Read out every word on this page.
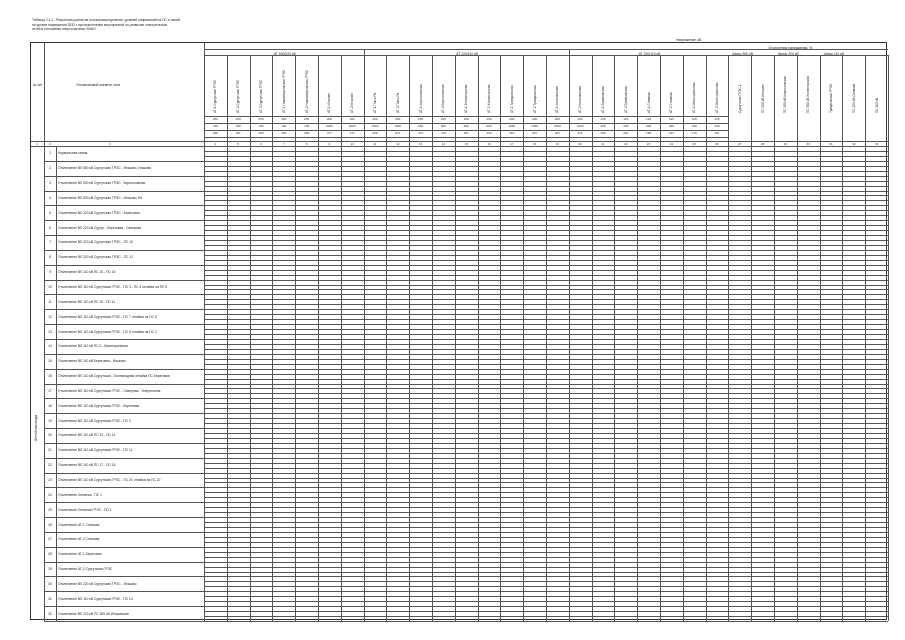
Таблица 2.4.1 - Результаты расчетов потокораспределения, уровней напряжений на ПС и линий
на уровне напряжения 2032 г при выполнении мероприятий по развитию электрических
сетей в отношении энергосистемы ХМАО
Напряжение, кВ
№ п/п	Отключаемый элемент сети
АТ 500/220 кВ	АТ 220/110 кВ	АТ 220/110 кВ
Отклонения напряжения, %
Шины 500 кВ	Шины 220 кВ	Шины 110 кВ
АТ-1 Сургутская ГРЭС	АТ-2 Сургутская ГРЭС	АТ-3 Сургутская ГРЭС	АТ-1 Нижневартовская ГРЭС	АТ-2 Нижневартовская ГРЭС	АТ-1 Ильково	АТ-2 Ильково	АТ-1 Пыть-Ях	АТ-2 Пыть-Ях	АТ-1 Кирилловская	АТ-2 Кирилловская	АТ-1 Холмогорская	АТ-2 Холмогорская	АТ-1 Трачуковская	АТ-2 Трачуковская	АТ-1 Когалымская	АТ-2 Когалымская	АТ-1 Ермаковская	АТ-2 Ермаковская	АТ-1 Снежная	АТ-2 Снежная	АТ-1 Магистральная	АТ-2 Магистральная	Сургутская ГРЭС-1	ПС 500 кВ Ильково	ПС 500 кВ Кирилловская	ПС 500 кВ Холмогорская	Трачуковская ГРЭС	ПС 220 кВ Снежная	ПС 110 кВ
250	250	250	250	250	200	200	200	200	250	250	250	250	200	200	200	200	125	125	125	125	125	125
796	796	796	796	796	1050	1050	1050	1050	656	656	656	656	1050	1050	1050	1050	328	328	328	328	328	328
298	281	290	302	295	477	471	468	512	473	470	481	455	462	497	481	471	196	201	188	192	176	181
1	2	3	4	5	6	7	8	9	10	11	12	13	14	15	16	17	18	19	20	21	22	23	24	25	26	27	28	29	30	31	32	33
Летний максимум
1	Нормальная схема
2	Отключение ВЛ 500 кВ Сургутская ГРЭС - Ильково, Ильково
3	Отключение ВЛ 500 кВ Сургутская ГРЭС - Кирилловская
4	Отключение ВЛ 500 кВ Сургутская ГРЭС - Ильково, В4
5	Отключение ВЛ 220 кВ Сургутская ГРЭС - Береговая
6	Отключение ВЛ 220 кВ Сургут - Береговая - Северная
7	Отключение ВЛ 220 кВ Сургутская ГРЭС - ПС 10
8	Отключение ВЛ 220 кВ Сургутская ГРЭС - ПС 12
9	Отключение ВЛ 110 кВ ПС 15 - ПС 16
10	Отключение ВЛ 110 кВ Сургутская ГРЭС - ПС 3 - ПС 4 отпайка на ПС 5
11	Отключение ВЛ 110 кВ ПС 10 - ПС 11
12	Отключение ВЛ 110 кВ Сургутская ГРЭС - ПС 7 отпайка на ПС 8
13	Отключение ВЛ 110 кВ Сургутская ГРЭС - ПС 9 отпайка на ПС 2
14	Отключение ВЛ 110 кВ ПС 6 - Магистральная
15	Отключение ВЛ 110 кВ Береговая - Ильково
16	Отключение ВЛ 110 кВ Сургутская - Полноводная отпайка ПС Береговая
17	Отключение ВЛ 110 кВ Сургутская ГРЭС - Северная - Энергетиков
18	Отключение ВЛ 110 кВ Сургутская ГРЭС - Береговая
19	Отключение ВЛ 110 кВ Сургутская ГРЭС - ПС 2
20	Отключение ВЛ 110 кВ ПС 13 - ПС 14
21	Отключение ВЛ 110 кВ Сургутская ГРЭС - ПС 11
22	Отключение ВЛ 110 кВ ПС 17 - ПС 18
23	Отключение ВЛ 110 кВ Сургутская ГРЭС - ПС 21 отпайка на ПС 22
24	Отключение Снежная - ПС 1
25	Отключение Снежная ГРЭС - ПС 1
26	Отключение АТ-1 Снежная
27	Отключение АТ-2 Снежная
28	Отключение АТ-1 Береговая
29	Отключение АТ-2 Сургутская ГРЭС
30	Отключение ВЛ 220 кВ Сургутская ГРЭС - Ильково
31	Отключение ВЛ 110 кВ Сургутская ГРЭС - ПС 14
32	Отключение ВЛ 220 кВ ПС 500 кВ Ильковская
